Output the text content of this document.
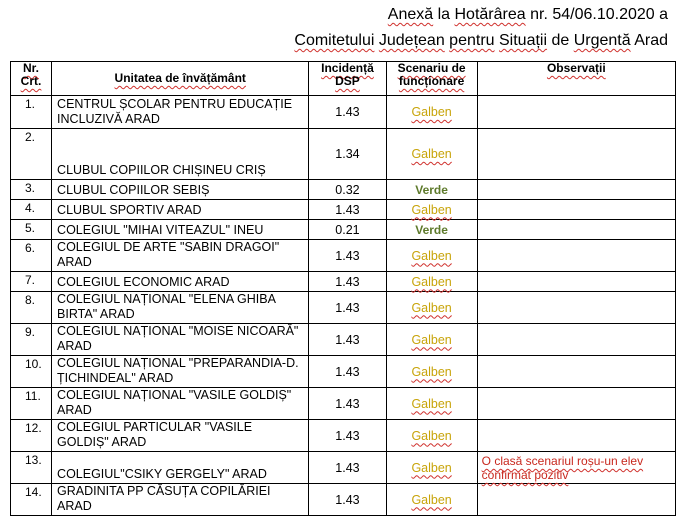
Anexă la Hotărârea nr. 54/06.10.2020 a
Comitetului Județean pentru Situații de Urgentă Arad
Nr. Crt.	Unitatea de învățământ	Incidență DSP	Scenariu de funcționare	Observații
1.	CENTRUL ȘCOLAR PENTRU EDUCAȚIE INCLUZIVĂ ARAD	1.43	Galben	
2.	CLUBUL COPIILOR CHIȘINEU CRIȘ	1.34	Galben	
3.	CLUBUL COPIILOR SEBIȘ	0.32	Verde	
4.	CLUBUL SPORTIV ARAD	1.43	Galben	
5.	COLEGIUL "MIHAI VITEAZUL" INEU	0.21	Verde	
6.	COLEGIUL DE ARTE "SABIN DRAGOI" ARAD	1.43	Galben	
7.	COLEGIUL ECONOMIC ARAD	1.43	Galben	
8.	COLEGIUL NAȚIONAL "ELENA GHIBA BIRTA" ARAD	1.43	Galben	
9.	COLEGIUL NAȚIONAL "MOISE NICOARĂ" ARAD	1.43	Galben	
10.	COLEGIUL NAȚIONAL "PREPARANDIA-D. ȚICHINDEAL" ARAD	1.43	Galben	
11.	COLEGIUL NAȚIONAL "VASILE GOLDIȘ" ARAD	1.43	Galben	
12.	COLEGIUL PARTICULAR "VASILE GOLDIȘ" ARAD	1.43	Galben	
13.	COLEGIUL"CSIKY GERGELY" ARAD	1.43	Galben	O clasă scenariul roșu-un elev confirmat pozitiv
14.	GRADINITA PP CĂSUȚA COPILĂRIEI ARAD	1.43	Galben	
